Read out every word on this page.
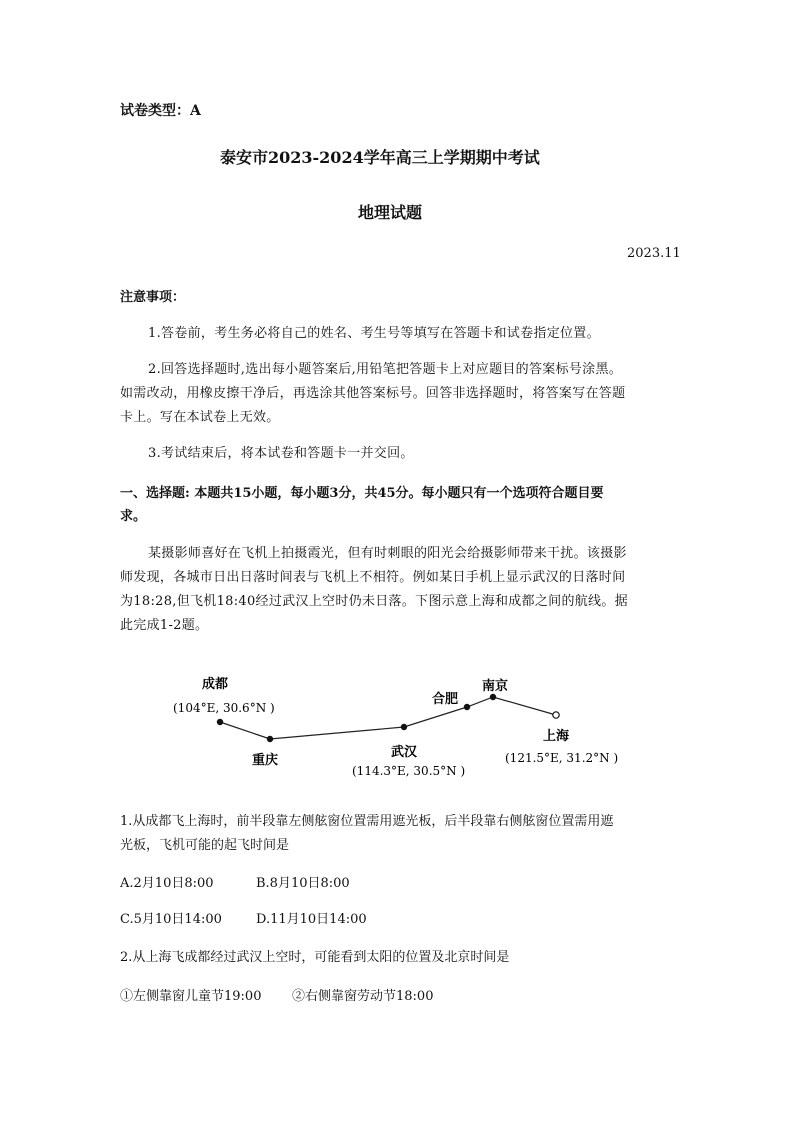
试卷类型：A
泰安市2023-2024学年高三上学期期中考试
地理试题
2023.11
注意事项：
1.答卷前，考生务必将自己的姓名、考生号等填写在答题卡和试卷指定位置。
2.回答选择题时,选出每小题答案后,用铅笔把答题卡上对应题目的答案标号涂黑。
如需改动，用橡皮擦干净后，再选涂其他答案标号。回答非选择题时，将答案写在答题
卡上。写在本试卷上无效。
3.考试结束后，将本试卷和答题卡一并交回。
一、选择题: 本题共15小题，每小题3分，共45分。每小题只有一个选项符合题目要
求。
某摄影师喜好在飞机上拍摄霞光，但有时刺眼的阳光会给摄影师带来干扰。该摄影
师发现，各城市日出日落时间表与飞机上不相符。例如某日手机上显示武汉的日落时间
为18:28,但飞机18:40经过武汉上空时仍未日落。下图示意上海和成都之间的航线。据
此完成1-2题。
成都
(104°E, 30.6°N )
重庆
武汉
(114.3°E, 30.5°N )
合肥
南京
上海
(121.5°E, 31.2°N )
1.从成都飞上海时，前半段靠左侧舷窗位置需用遮光板，后半段靠右侧舷窗位置需用遮
光板，飞机可能的起飞时间是
A.2月10日8:00	B.8月10日8:00
C.5月10日14:00	D.11月10日14:00
2.从上海飞成都经过武汉上空时，可能看到太阳的位置及北京时间是
①左侧靠窗儿童节19:00 ②右侧靠窗劳动节18:00
